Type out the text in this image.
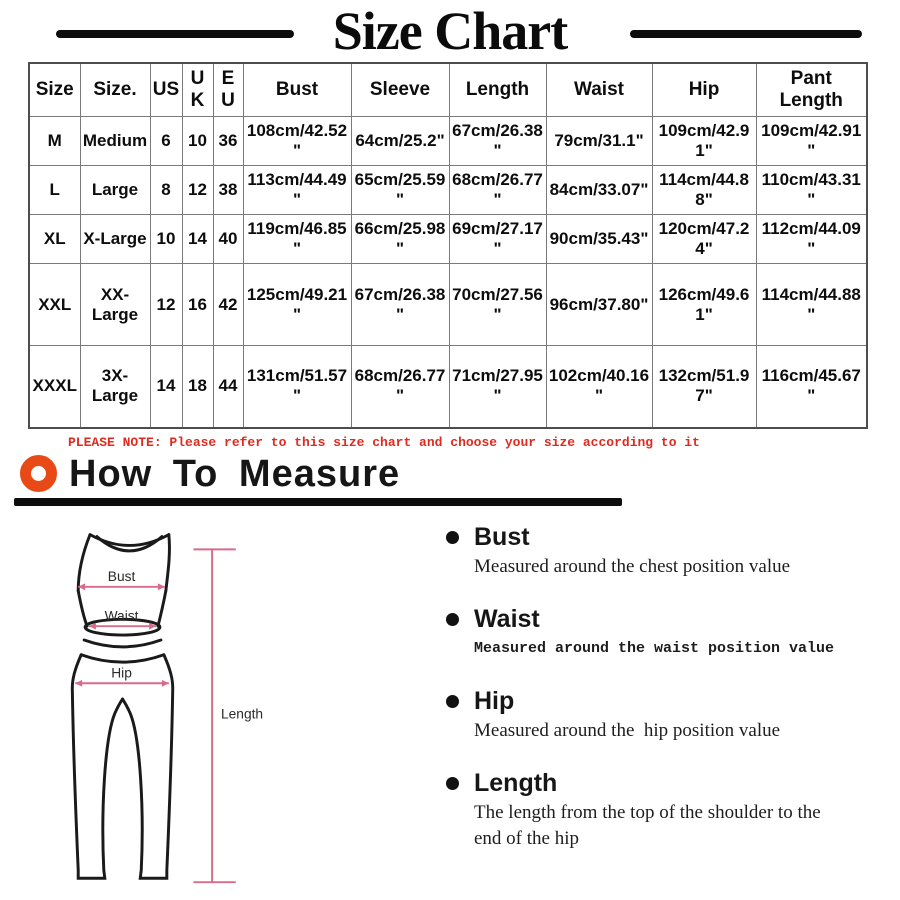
Size Chart
Size	Size.	US	UK	EU	Bust	Sleeve	Length	Waist	Hip	Pant Length
M	Medium	6	10	36	108cm/42.52"	64cm/25.2"	67cm/26.38"	79cm/31.1"	109cm/42.91"	109cm/42.91"
L	Large	8	12	38	113cm/44.49"	65cm/25.59"	68cm/26.77"	84cm/33.07"	114cm/44.88"	110cm/43.31"
XL	X-Large	10	14	40	119cm/46.85"	66cm/25.98"	69cm/27.17"	90cm/35.43"	120cm/47.24"	112cm/44.09"
XXL	XX-Large	12	16	42	125cm/49.21"	67cm/26.38"	70cm/27.56"	96cm/37.80"	126cm/49.61"	114cm/44.88"
XXXL	3X-Large	14	18	44	131cm/51.57"	68cm/26.77"	71cm/27.95"	102cm/40.16"	132cm/51.97"	116cm/45.67"
PLEASE NOTE: Please refer to this size chart and choose your size according to it
How To Measure
Bust
Waist
Hip
Length
Bust
Measured around the chest position value
Waist
Measured around the waist position value
Hip
Measured around the  hip position value
Length
The length from the top of the shoulder to the end of the hip
